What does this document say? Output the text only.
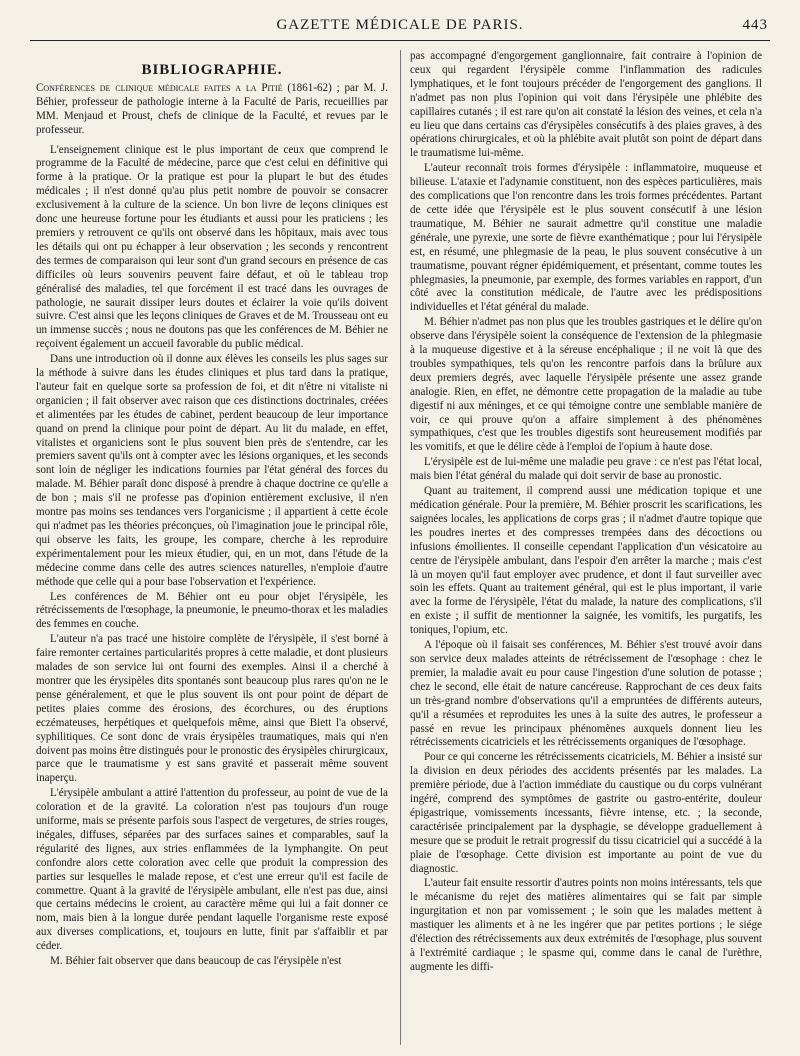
GAZETTE MÉDICALE DE PARIS.	443
BIBLIOGRAPHIE.

Conférences de clinique médicale faites a la Pitié (1861-62) ; par M. J. Béhier, professeur de pathologie interne à la Faculté de Paris, recueillies par MM. Menjaud et Proust, chefs de clinique de la Faculté, et revues par le professeur.

L'enseignement clinique est le plus important de ceux que comprend le programme de la Faculté de médecine, parce que c'est celui en définitive qui forme à la pratique. Or la pratique est pour la plupart le but des études médicales ; il n'est donné qu'au plus petit nombre de pouvoir se consacrer exclusivement à la culture de la science. Un bon livre de leçons cliniques est donc une heureuse fortune pour les étudiants et aussi pour les praticiens ; les premiers y retrouvent ce qu'ils ont observé dans les hôpitaux, mais avec tous les détails qui ont pu échapper à leur observation ; les seconds y rencontrent des termes de comparaison qui leur sont d'un grand secours en présence de cas difficiles où leurs souvenirs peuvent faire défaut, et où le tableau trop généralisé des maladies, tel que forcément il est tracé dans les ouvrages de pathologie, ne saurait dissiper leurs doutes et éclairer la voie qu'ils doivent suivre. C'est ainsi que les leçons cliniques de Graves et de M. Trousseau ont eu un immense succès ; nous ne doutons pas que les conférences de M. Béhier ne reçoivent également un accueil favorable du public médical.

Dans une introduction où il donne aux élèves les conseils les plus sages sur la méthode à suivre dans les études cliniques et plus tard dans la pratique, l'auteur fait en quelque sorte sa profession de foi, et dit n'être ni vitaliste ni organicien ; il fait observer avec raison que ces distinctions doctrinales, créées et alimentées par les études de cabinet, perdent beaucoup de leur importance quand on prend la clinique pour point de départ. Au lit du malade, en effet, vitalistes et organiciens sont le plus souvent bien près de s'entendre, car les premiers savent qu'ils ont à compter avec les lésions organiques, et les seconds sont loin de négliger les indications fournies par l'état général des forces du malade. M. Béhier paraît donc disposé à prendre à chaque doctrine ce qu'elle a de bon ; mais s'il ne professe pas d'opinion entièrement exclusive, il n'en montre pas moins ses tendances vers l'organicisme ; il appartient à cette école qui n'admet pas les théories préconçues, où l'imagination joue le principal rôle, qui observe les faits, les groupe, les compare, cherche à les reproduire expérimentalement pour les mieux étudier, qui, en un mot, dans l'étude de la médecine comme dans celle des autres sciences naturelles, n'emploie d'autre méthode que celle qui a pour base l'observation et l'expérience.

Les conférences de M. Béhier ont eu pour objet l'érysipèle, les rétrécissements de l'œsophage, la pneumonie, le pneumo-thorax et les maladies des femmes en couche.

L'auteur n'a pas tracé une histoire complète de l'érysipèle, il s'est borné à faire remonter certaines particularités propres à cette maladie, et dont plusieurs malades de son service lui ont fourni des exemples. Ainsi il a cherché à montrer que les érysipèles dits spontanés sont beaucoup plus rares qu'on ne le pense généralement, et que le plus souvent ils ont pour point de départ de petites plaies comme des érosions, des écorchures, ou des éruptions eczémateuses, herpétiques et quelquefois même, ainsi que Biett l'a observé, syphilitiques. Ce sont donc de vrais érysipèles traumatiques, mais qui n'en doivent pas moins être distingués pour le pronostic des érysipèles chirurgicaux, parce que le traumatisme y est sans gravité et passerait même souvent inaperçu.

L'érysipèle ambulant a attiré l'attention du professeur, au point de vue de la coloration et de la gravité. La coloration n'est pas toujours d'un rouge uniforme, mais se présente parfois sous l'aspect de vergetures, de stries rouges, inégales, diffuses, séparées par des surfaces saines et comparables, sauf la régularité des lignes, aux stries enflammées de la lymphangite. On peut confondre alors cette coloration avec celle que produit la compression des parties sur lesquelles le malade repose, et c'est une erreur qu'il est facile de commettre. Quant à la gravité de l'érysipèle ambulant, elle n'est pas due, ainsi que certains médecins le croient, au caractère même qui lui a fait donner ce nom, mais bien à la longue durée pendant laquelle l'organisme reste exposé aux diverses complications, et, toujours en lutte, finit par s'affaiblir et par céder.

M. Béhier fait observer que dans beaucoup de cas l'érysipèle n'est

pas accompagné d'engorgement ganglionnaire, fait contraire à l'opinion de ceux qui regardent l'érysipèle comme l'inflammation des radicules lymphatiques, et le font toujours précéder de l'engorgement des ganglions. Il n'admet pas non plus l'opinion qui voit dans l'érysipèle une phlébite des capillaires cutanés ; il est rare qu'on ait constaté la lésion des veines, et cela n'a eu lieu que dans certains cas d'érysipèles consécutifs à des plaies graves, à des opérations chirurgicales, et où la phlébite avait plutôt son point de départ dans le traumatisme lui-même.

L'auteur reconnaît trois formes d'érysipèle : inflammatoire, muqueuse et bilieuse. L'ataxie et l'adynamie constituent, non des espèces particulières, mais des complications que l'on rencontre dans les trois formes précédentes. Partant de cette idée que l'érysipèle est le plus souvent consécutif à une lésion traumatique, M. Béhier ne saurait admettre qu'il constitue une maladie générale, une pyrexie, une sorte de fièvre exanthématique ; pour lui l'érysipèle est, en résumé, une phlegmasie de la peau, le plus souvent consécutive à un traumatisme, pouvant régner épidémiquement, et présentant, comme toutes les phlegmasies, la pneumonie, par exemple, des formes variables en rapport, d'un côté avec la constitution médicale, de l'autre avec les prédispositions individuelles et l'état général du malade.

M. Béhier n'admet pas non plus que les troubles gastriques et le délire qu'on observe dans l'érysipèle soient la conséquence de l'extension de la phlegmasie à la muqueuse digestive et à la séreuse encéphalique ; il ne voit là que des troubles sympathiques, tels qu'on les rencontre parfois dans la brûlure aux deux premiers degrés, avec laquelle l'érysipèle présente une assez grande analogie. Rien, en effet, ne démontre cette propagation de la maladie au tube digestif ni aux méninges, et ce qui témoigne contre une semblable manière de voir, ce qui prouve qu'on a affaire simplement à des phénomènes sympathiques, c'est que les troubles digestifs sont heureusement modifiés par les vomitifs, et que le délire cède à l'emploi de l'opium à haute dose.

L'érysipèle est de lui-même une maladie peu grave : ce n'est pas l'état local, mais bien l'état général du malade qui doit servir de base au pronostic.

Quant au traitement, il comprend aussi une médication topique et une médication générale. Pour la première, M. Béhier proscrit les scarifications, les saignées locales, les applications de corps gras ; il n'admet d'autre topique que les poudres inertes et des compresses trempées dans des décoctions ou infusions émollientes. Il conseille cependant l'application d'un vésicatoire au centre de l'érysipèle ambulant, dans l'espoir d'en arrêter la marche ; mais c'est là un moyen qu'il faut employer avec prudence, et dont il faut surveiller avec soin les effets. Quant au traitement général, qui est le plus important, il varie avec la forme de l'érysipèle, l'état du malade, la nature des complications, s'il en existe ; il suffit de mentionner la saignée, les vomitifs, les purgatifs, les toniques, l'opium, etc.

A l'époque où il faisait ses conférences, M. Béhier s'est trouvé avoir dans son service deux malades atteints de rétrécissement de l'œsophage : chez le premier, la maladie avait eu pour cause l'ingestion d'une solution de potasse ; chez le second, elle était de nature cancéreuse. Rapprochant de ces deux faits un très-grand nombre d'observations qu'il a empruntées de différents auteurs, qu'il a résumées et reproduites les unes à la suite des autres, le professeur a passé en revue les principaux phénomènes auxquels donnent lieu les rétrécissements cicatriciels et les rétrécissements organiques de l'œsophage.

Pour ce qui concerne les rétrécissements cicatriciels, M. Béhier a insisté sur la division en deux périodes des accidents présentés par les malades. La première période, due à l'action immédiate du caustique ou du corps vulnérant ingéré, comprend des symptômes de gastrite ou gastro-entérite, douleur épigastrique, vomissements incessants, fièvre intense, etc. ; la seconde, caractérisée principalement par la dysphagie, se développe graduellement à mesure que se produit le retrait progressif du tissu cicatriciel qui a succédé à la plaie de l'œsophage. Cette division est importante au point de vue du diagnostic.

L'auteur fait ensuite ressortir d'autres points non moins intéressants, tels que le mécanisme du rejet des matières alimentaires qui se fait par simple ingurgitation et non par vomissement ; le soin que les malades mettent à mastiquer les aliments et à ne les ingérer que par petites portions ; le siége d'élection des rétrécissements aux deux extrémités de l'œsophage, plus souvent à l'extrémité cardiaque ; le spasme qui, comme dans le canal de l'urèthre, augmente les diffi-
